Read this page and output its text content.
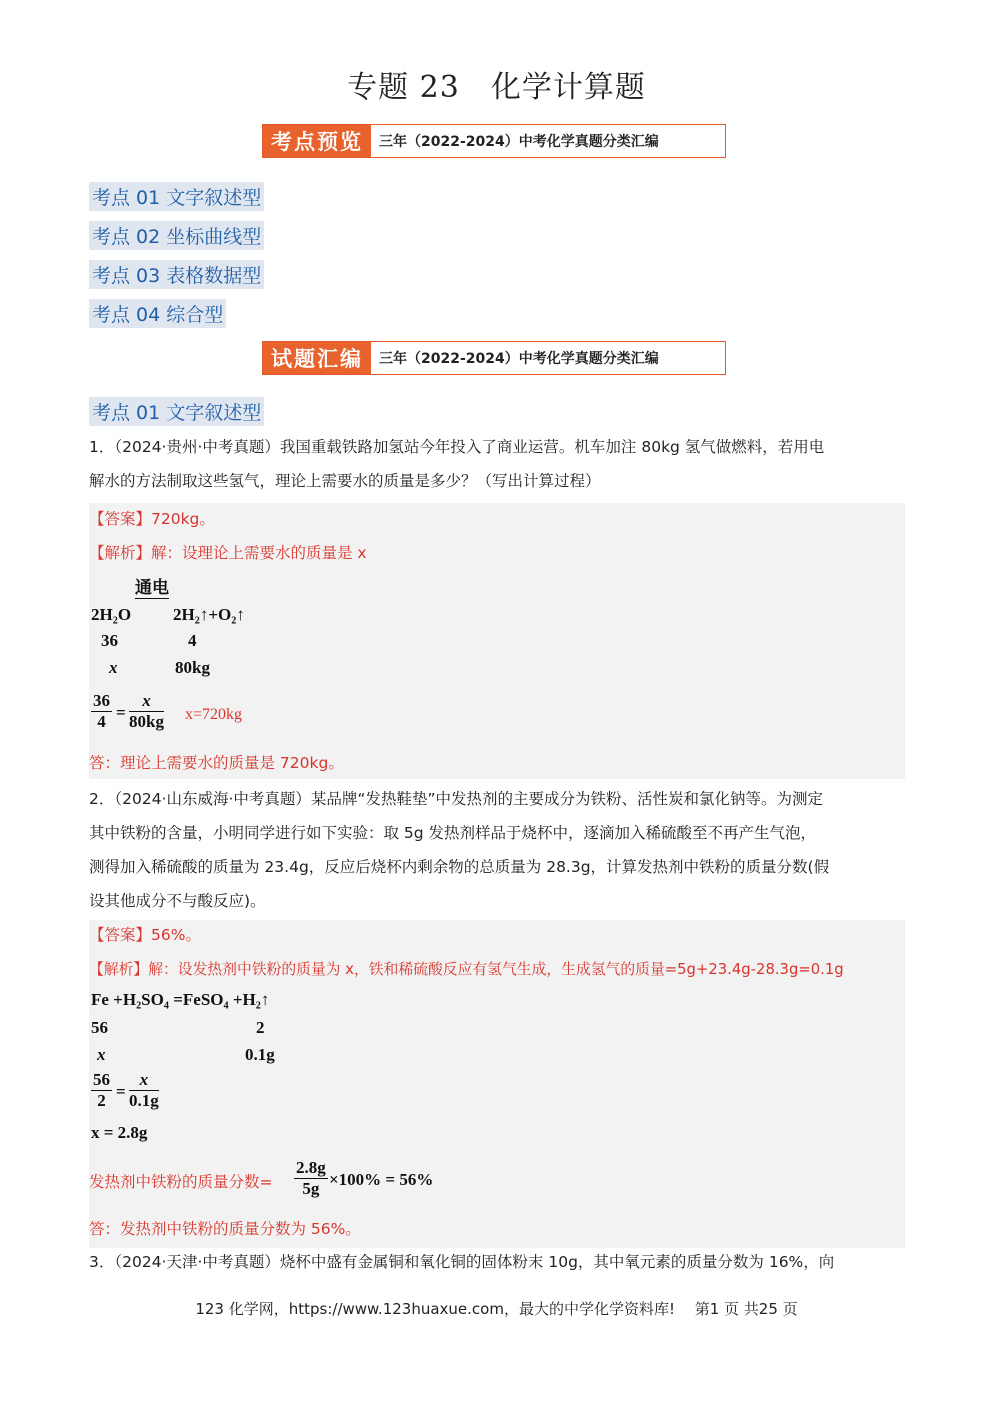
专题 23　化学计算题
考点预览	三年（2022-2024）中考化学真题分类汇编
考点 01 文字叙述型
考点 02 坐标曲线型
考点 03 表格数据型
考点 04 综合型
试题汇编	三年（2022-2024）中考化学真题分类汇编
考点 01 文字叙述型
1．（2024·贵州·中考真题）我国重载铁路加氢站今年投入了商业运营。机车加注 80kg 氢气做燃料，若用电
解水的方法制取这些氢气，理论上需要水的质量是多少？（写出计算过程）
【答案】720kg。
【解析】解：设理论上需要水的质量是 x
通电
2H₂O 2H₂↑+O₂↑
36	4
x	80kg
$\frac{36}{4} = \frac{x}{80kg} x=720kg$
答：理论上需要水的质量是 720kg。
2．（2024·山东威海·中考真题）某品牌“发热鞋垫”中发热剂的主要成分为铁粉、活性炭和氯化钠等。为测定
其中铁粉的含量，小明同学进行如下实验：取 5g 发热剂样品于烧杯中，逐滴加入稀硫酸至不再产生气泡，
测得加入稀硫酸的质量为 23.4g，反应后烧杯内剩余物的总质量为 28.3g，计算发热剂中铁粉的质量分数(假
设其他成分不与酸反应)。
【答案】56%。
【解析】解：设发热剂中铁粉的质量为 x，铁和稀硫酸反应有氢气生成，生成氢气的质量=5g+23.4g-28.3g=0.1g
Fe +H₂SO₄ =FeSO₄ +H₂↑
56	2
x	0.1g
$\frac{56}{2} = \frac{x}{0.1g}$
x = 2.8g
发热剂中铁粉的质量分数= $\frac{2.8g}{5g} \times 100\% = 56\%$
答：发热剂中铁粉的质量分数为 56%。
3．（2024·天津·中考真题）烧杯中盛有金属铜和氧化铜的固体粉末 10g，其中氧元素的质量分数为 16%，向
123 化学网，https://www.123huaxue.com，最大的中学化学资料库!　 第1 页 共25 页
